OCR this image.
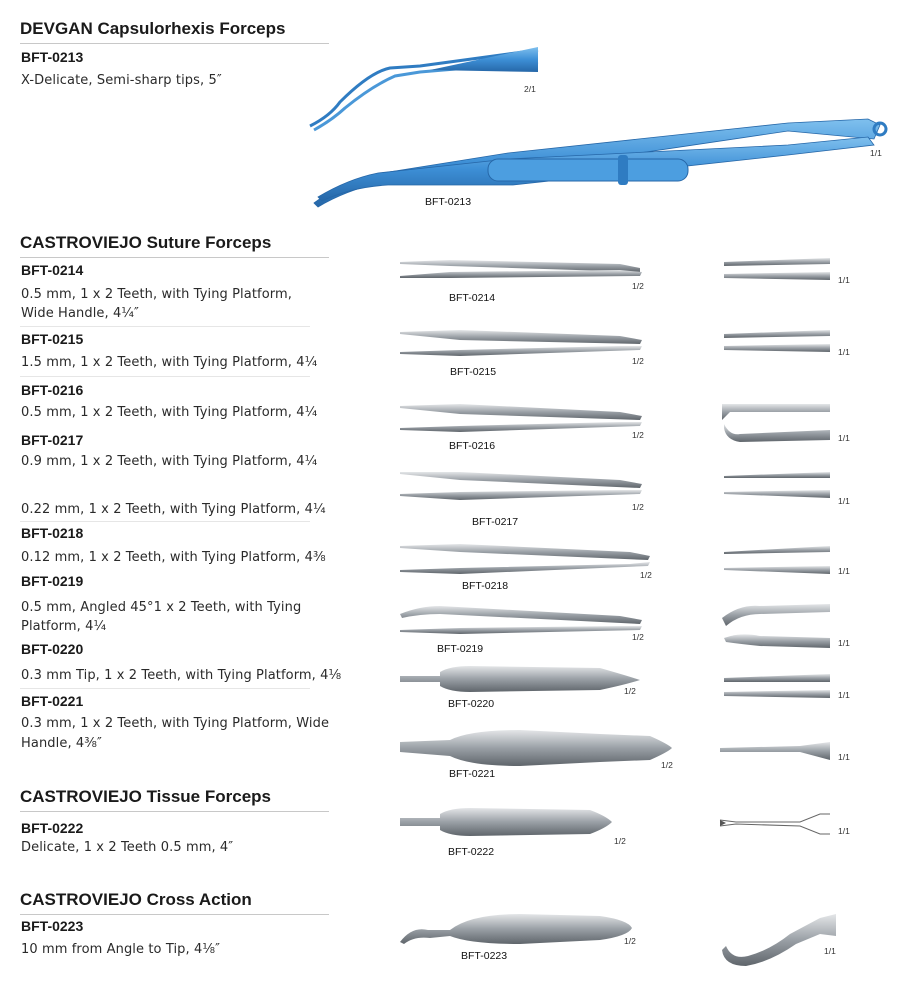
DEVGAN Capsulorhexis Forceps
BFT-0213
X-Delicate, Semi-sharp tips, 5″
2/1
BFT-0213
1/1
CASTROVIEJO Suture Forceps
BFT-0214
0.5 mm, 1 x 2 Teeth, with Tying Platform,
Wide Handle, 4¼″
BFT-0215
1.5 mm, 1 x 2 Teeth, with Tying Platform, 4¼
BFT-0216
0.5 mm, 1 x 2 Teeth, with Tying Platform, 4¼
BFT-0217
0.9 mm, 1 x 2 Teeth, with Tying Platform, 4¼
0.22 mm, 1 x 2 Teeth, with Tying Platform, 4¼
BFT-0218
0.12 mm, 1 x 2 Teeth, with Tying Platform, 4⅜
BFT-0219
0.5 mm, Angled 45°1 x 2 Teeth, with Tying
Platform, 4¼
BFT-0220
0.3 mm Tip, 1 x 2 Teeth, with Tying Platform, 4⅛
BFT-0221
0.3 mm, 1 x 2 Teeth, with Tying Platform, Wide
Handle, 4⅜″
BFT-0214
BFT-0215
BFT-0216
BFT-0217
BFT-0218
BFT-0219
BFT-0220
BFT-0221
1/2
1/1
1/2
1/1
1/2	1/1
1/2
1/1
1/2	1/1
1/2
1/1
1/2	1/1
1/2
1/1
CASTROVIEJO Tissue Forceps
BFT-0222
Delicate, 1 x 2 Teeth 0.5 mm, 4″	BFT-0222
1/2
1/1
CASTROVIEJO Cross Action
BFT-0223
10 mm from Angle to Tip, 4⅛″	BFT-0223
1/2
1/1
